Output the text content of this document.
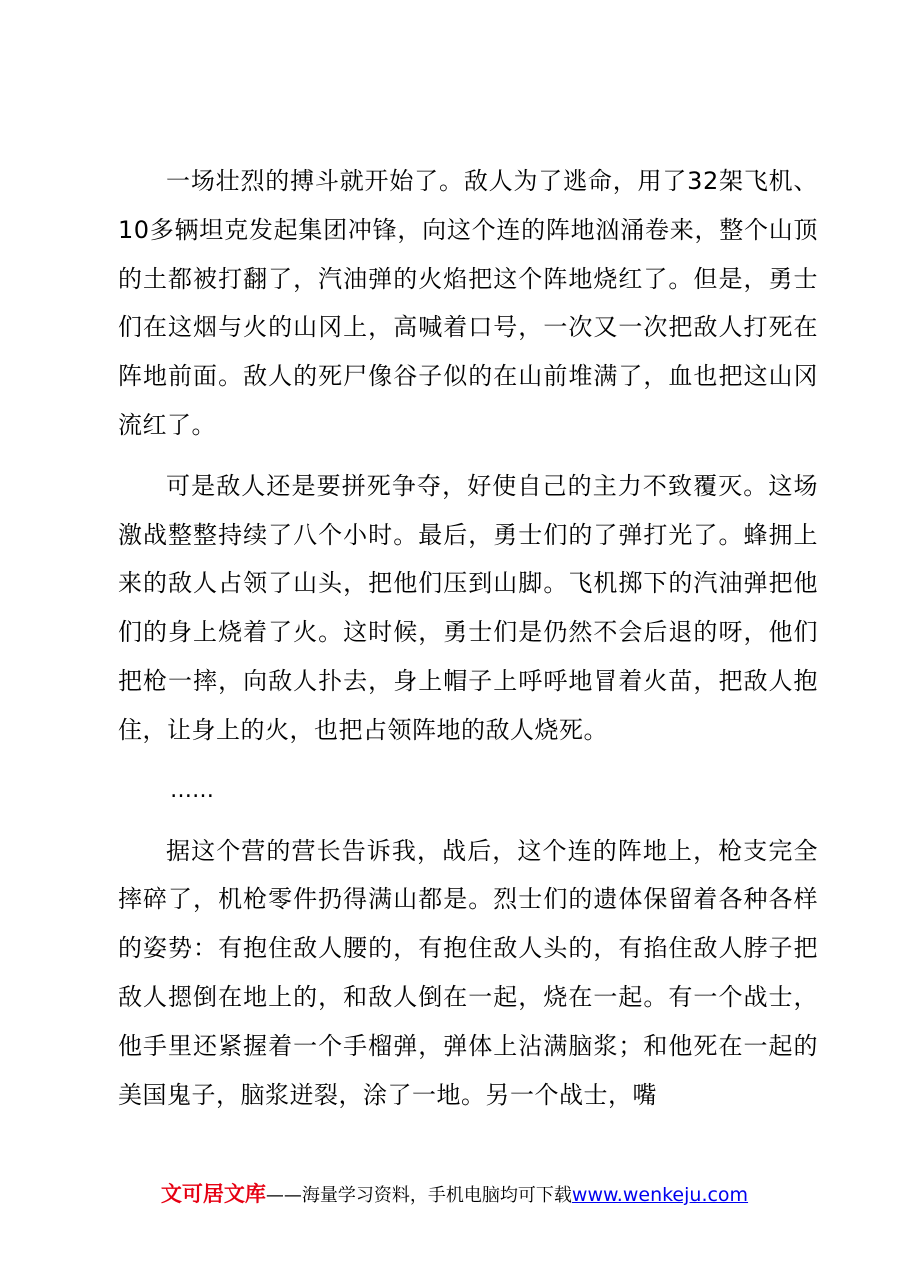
一场壮烈的搏斗就开始了。敌人为了逃命，用了32架飞机、10多辆坦克发起集团冲锋，向这个连的阵地汹涌卷来，整个山顶的土都被打翻了，汽油弹的火焰把这个阵地烧红了。但是，勇士们在这烟与火的山冈上，高喊着口号，一次又一次把敌人打死在阵地前面。敌人的死尸像谷子似的在山前堆满了，血也把这山冈流红了。

可是敌人还是要拼死争夺，好使自己的主力不致覆灭。这场激战整整持续了八个小时。最后，勇士们的了弹打光了。蜂拥上来的敌人占领了山头，把他们压到山脚。飞机掷下的汽油弹把他们的身上烧着了火。这时候，勇士们是仍然不会后退的呀，他们把枪一摔，向敌人扑去，身上帽子上呼呼地冒着火苗，把敌人抱住，让身上的火，也把占领阵地的敌人烧死。

……

据这个营的营长告诉我，战后，这个连的阵地上，枪支完全摔碎了，机枪零件扔得满山都是。烈士们的遗体保留着各种各样的姿势：有抱住敌人腰的，有抱住敌人头的，有掐住敌人脖子把敌人摁倒在地上的，和敌人倒在一起，烧在一起。有一个战士，他手里还紧握着一个手榴弹，弹体上沾满脑浆；和他死在一起的美国鬼子，脑浆迸裂，涂了一地。另一个战士，嘴

文可居文库——海量学习资料，手机电脑均可下载www.wenkeju.com
